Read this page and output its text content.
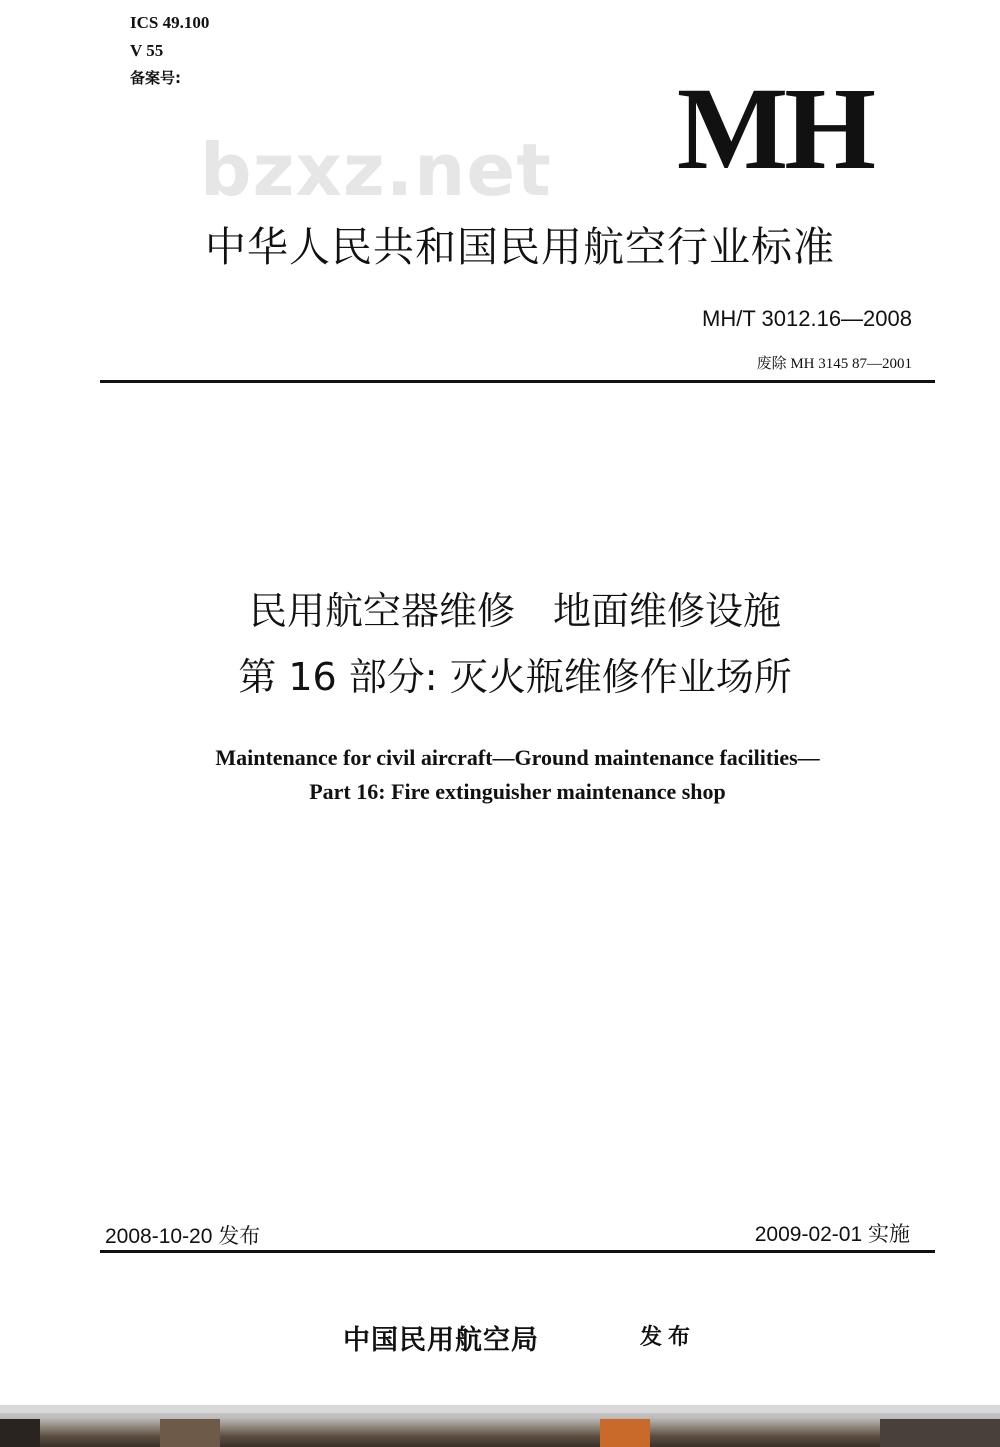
ICS 49.100
V 55
备案号:
bzxz.net MH
中华人民共和国民用航空行业标准
MH/T 3012.16—2008
废除 MH 3145 87—2001
民用航空器维修　地面维修设施
第 16 部分: 灭火瓶维修作业场所
Maintenance for civil aircraft—Ground maintenance facilities—
Part 16: Fire extinguisher maintenance shop
2008-10-20 发布	2009-02-01 实施
中国民用航空局	发布
